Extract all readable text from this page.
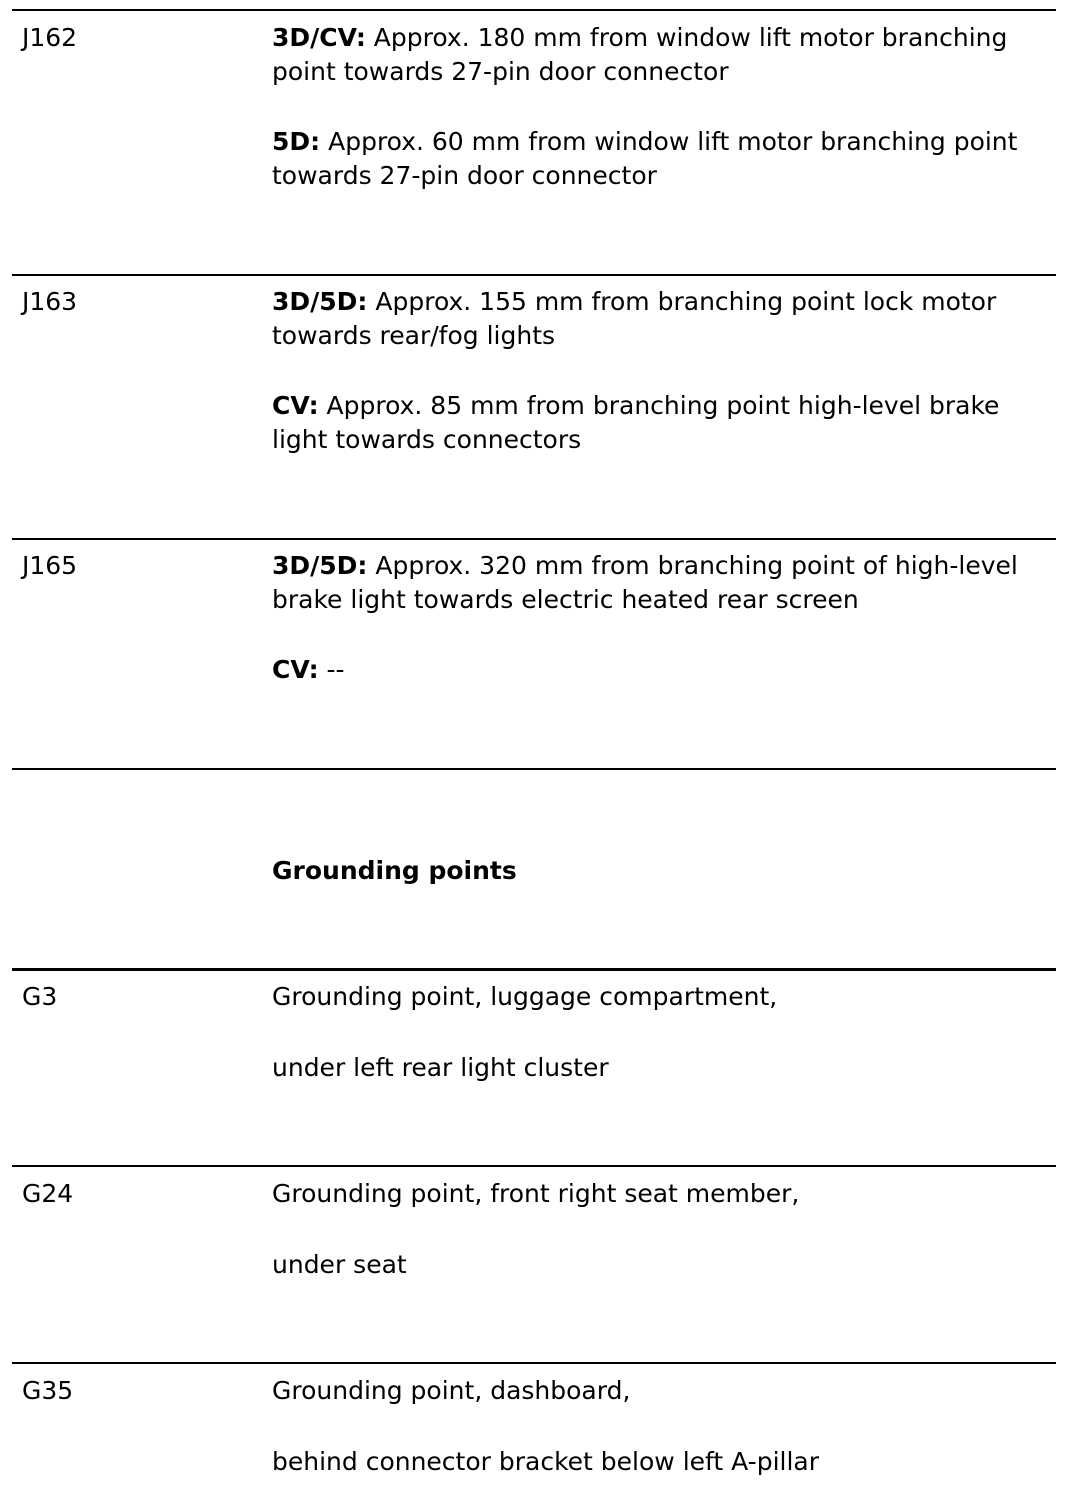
J162	3D/CV: Approx. 180 mm from window lift motor branching point towards 27-pin door connector
5D: Approx. 60 mm from window lift motor branching point towards 27-pin door connector
J163	3D/5D: Approx. 155 mm from branching point lock motor towards rear/fog lights
CV: Approx. 85 mm from branching point high-level brake light towards connectors
J165	3D/5D: Approx. 320 mm from branching point of high-level brake light towards electric heated rear screen
CV: --
Grounding points
G3	Grounding point, luggage compartment,
under left rear light cluster
G24	Grounding point, front right seat member,
under seat
G35	Grounding point, dashboard,
behind connector bracket below left A-pillar
